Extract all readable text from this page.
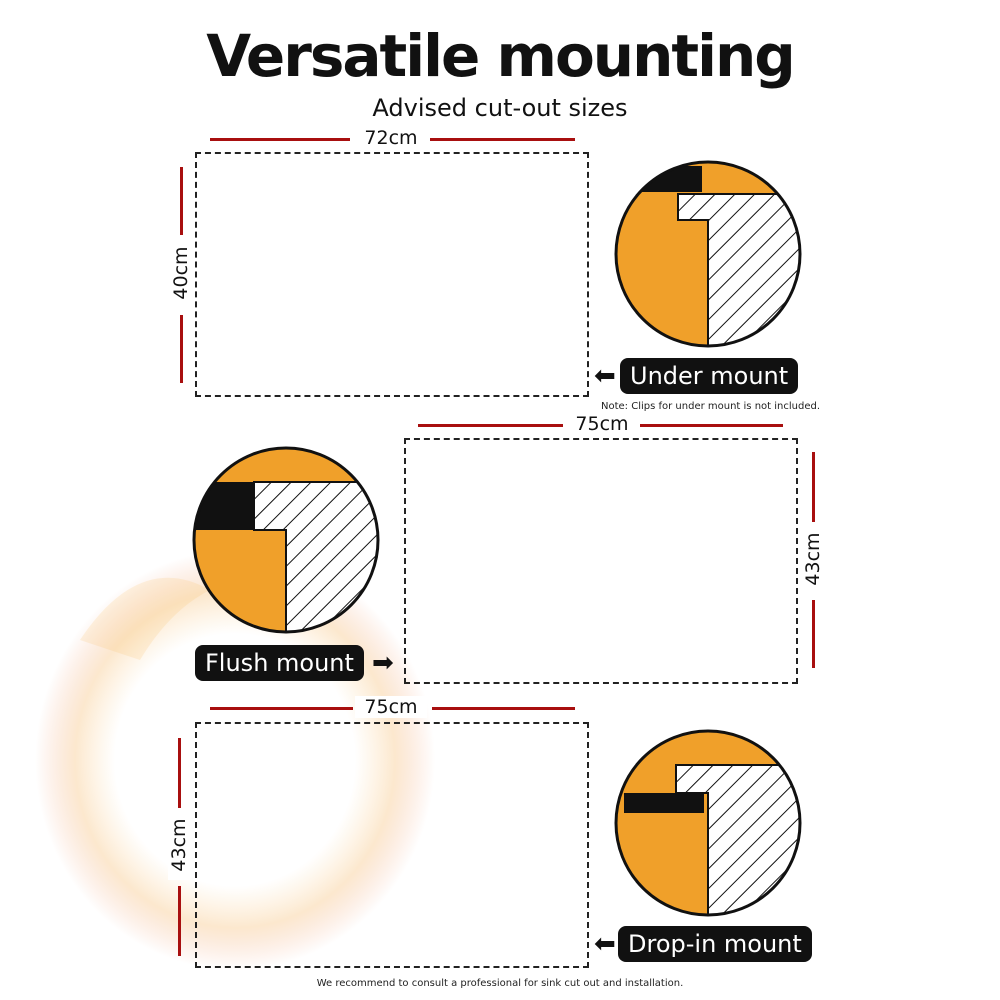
Versatile mounting
Advised cut-out sizes
72cm
40cm
⬅ Under mount
Note: Clips for under mount is not included.
75cm
43cm
Flush mount ➡
75cm
43cm
⬅ Drop-in mount
We recommend to consult a professional for sink cut out and installation.
